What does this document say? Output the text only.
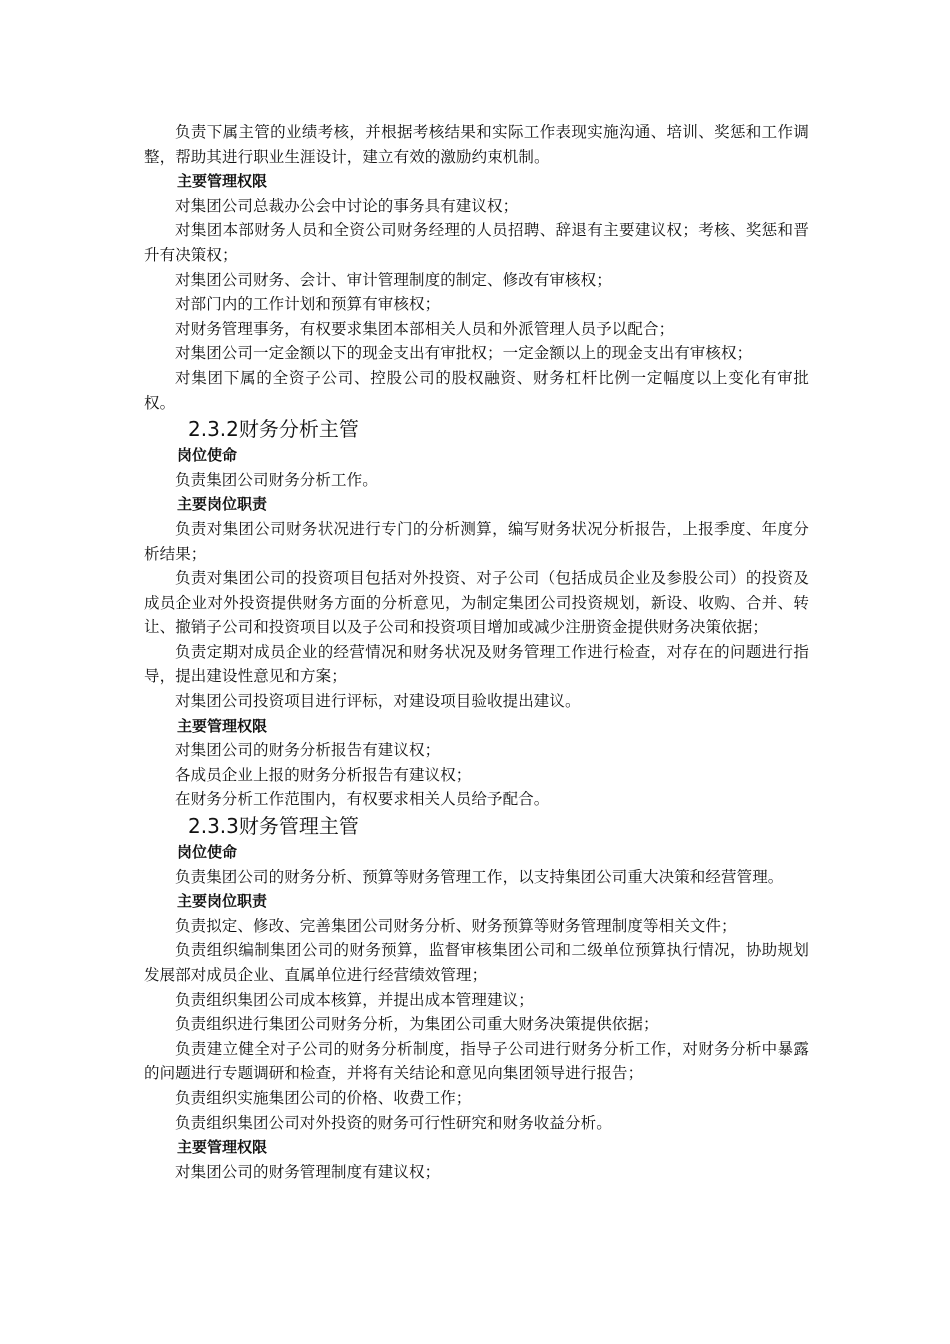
负责下属主管的业绩考核，并根据考核结果和实际工作表现实施沟通、培训、奖惩和工作调整，帮助其进行职业生涯设计，建立有效的激励约束机制。

主要管理权限

对集团公司总裁办公会中讨论的事务具有建议权；

对集团本部财务人员和全资公司财务经理的人员招聘、辞退有主要建议权；考核、奖惩和晋升有决策权；

对集团公司财务、会计、审计管理制度的制定、修改有审核权；

对部门内的工作计划和预算有审核权；

对财务管理事务，有权要求集团本部相关人员和外派管理人员予以配合；

对集团公司一定金额以下的现金支出有审批权；一定金额以上的现金支出有审核权；

对集团下属的全资子公司、控股公司的股权融资、财务杠杆比例一定幅度以上变化有审批权。

2.3.2财务分析主管

岗位使命

负责集团公司财务分析工作。

主要岗位职责

负责对集团公司财务状况进行专门的分析测算，编写财务状况分析报告，上报季度、年度分析结果；

负责对集团公司的投资项目包括对外投资、对子公司（包括成员企业及参股公司）的投资及成员企业对外投资提供财务方面的分析意见，为制定集团公司投资规划，新设、收购、合并、转让、撤销子公司和投资项目以及子公司和投资项目增加或减少注册资金提供财务决策依据；

负责定期对成员企业的经营情况和财务状况及财务管理工作进行检查，对存在的问题进行指导，提出建设性意见和方案；

对集团公司投资项目进行评标，对建设项目验收提出建议。

主要管理权限

对集团公司的财务分析报告有建议权；

各成员企业上报的财务分析报告有建议权；

在财务分析工作范围内，有权要求相关人员给予配合。

2.3.3财务管理主管

岗位使命

负责集团公司的财务分析、预算等财务管理工作，以支持集团公司重大决策和经营管理。

主要岗位职责

负责拟定、修改、完善集团公司财务分析、财务预算等财务管理制度等相关文件；

负责组织编制集团公司的财务预算，监督审核集团公司和二级单位预算执行情况，协助规划发展部对成员企业、直属单位进行经营绩效管理；

负责组织集团公司成本核算，并提出成本管理建议；

负责组织进行集团公司财务分析，为集团公司重大财务决策提供依据；

负责建立健全对子公司的财务分析制度，指导子公司进行财务分析工作，对财务分析中暴露的问题进行专题调研和检查，并将有关结论和意见向集团领导进行报告；

负责组织实施集团公司的价格、收费工作；

负责组织集团公司对外投资的财务可行性研究和财务收益分析。

主要管理权限

对集团公司的财务管理制度有建议权；
